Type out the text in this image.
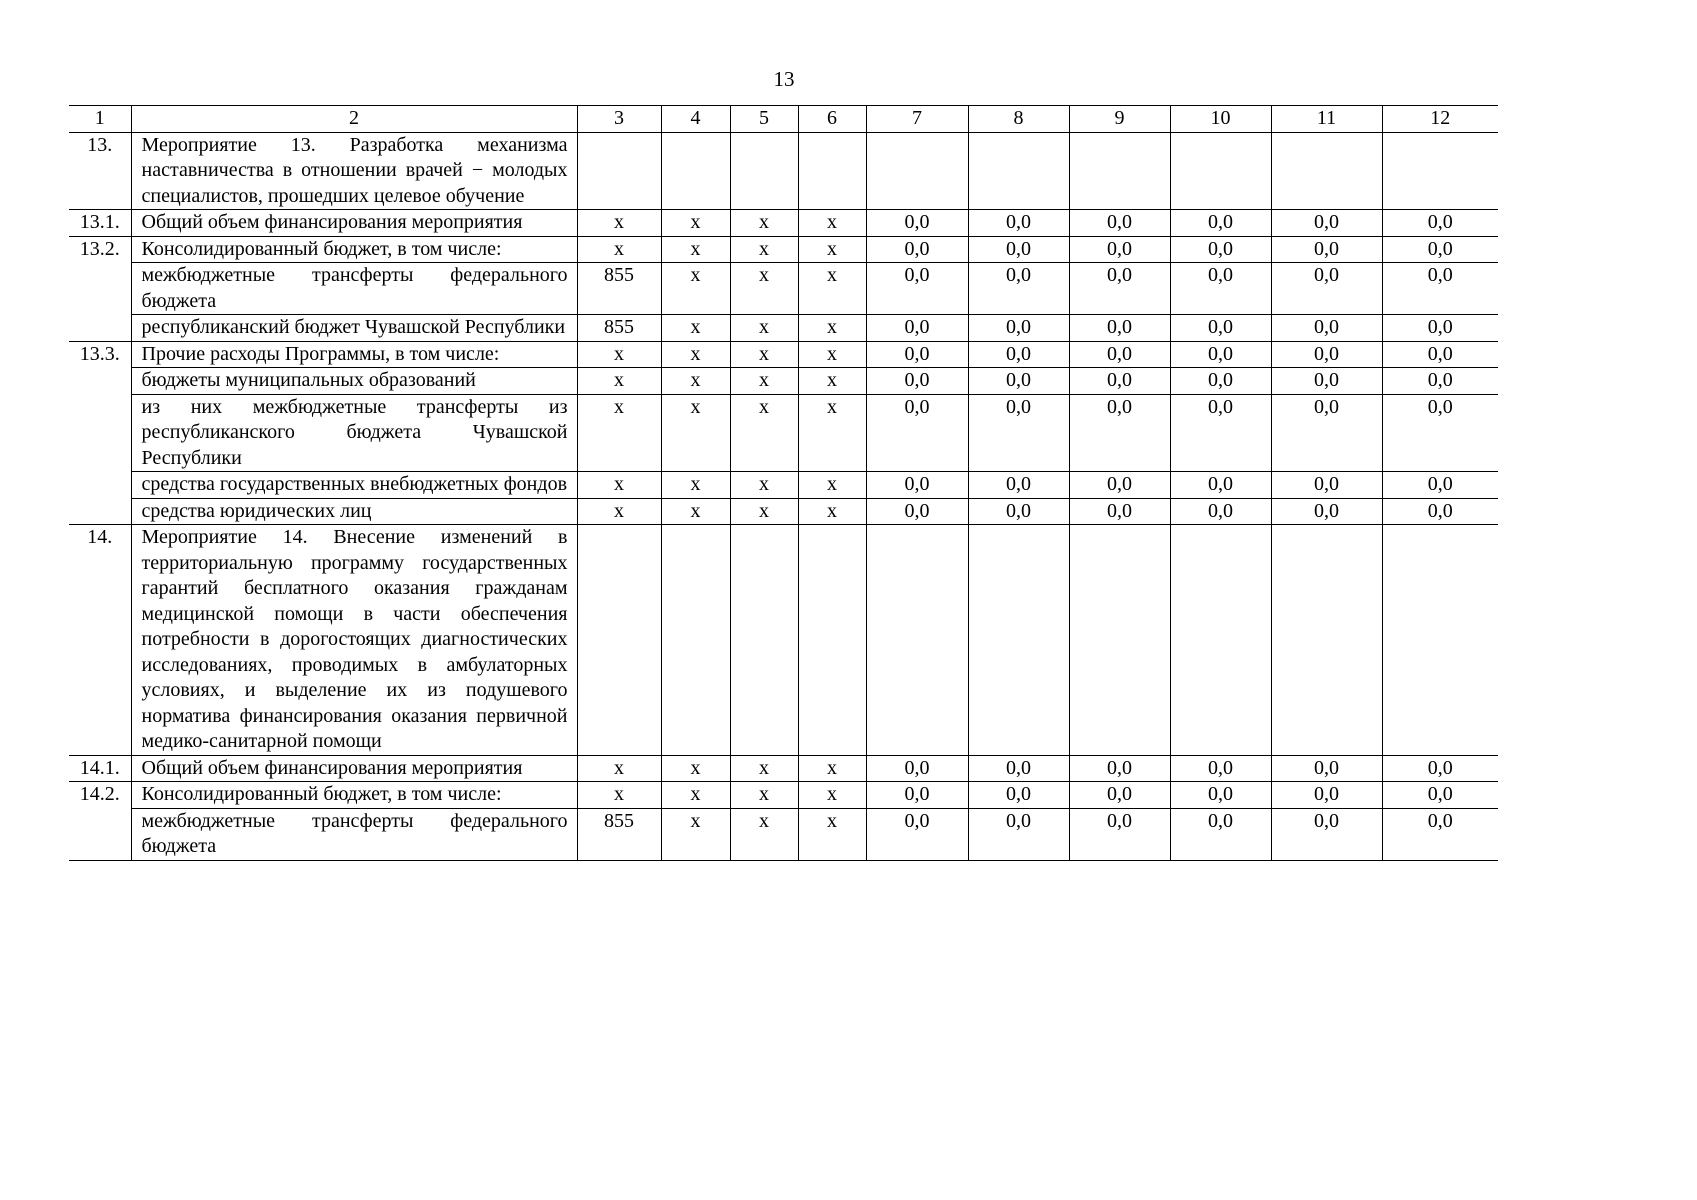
13
1	2	3	4	5	6	7	8	9	10	11	12
13.	Мероприятие 13. Разработка механизма наставничества в отношении врачей − молодых специалистов, прошедших целевое обучение										
13.1.	Общий объем финансирования мероприятия	х	х	х	х	0,0	0,0	0,0	0,0	0,0	0,0
13.2.	Консолидированный бюджет, в том числе:	х	х	х	х	0,0	0,0	0,0	0,0	0,0	0,0
	межбюджетные трансферты федерального бюджета	855	х	х	х	0,0	0,0	0,0	0,0	0,0	0,0
	республиканский бюджет Чувашской Республики	855	х	х	х	0,0	0,0	0,0	0,0	0,0	0,0
13.3.	Прочие расходы Программы, в том числе:	х	х	х	х	0,0	0,0	0,0	0,0	0,0	0,0
	бюджеты муниципальных образований	х	х	х	х	0,0	0,0	0,0	0,0	0,0	0,0
	из них межбюджетные трансферты из республиканского бюджета Чувашской Республики	х	х	х	х	0,0	0,0	0,0	0,0	0,0	0,0
	средства государственных внебюджетных фондов	х	х	х	х	0,0	0,0	0,0	0,0	0,0	0,0
	средства юридических лиц	х	х	х	х	0,0	0,0	0,0	0,0	0,0	0,0
14.	Мероприятие 14. Внесение изменений в территориальную программу государственных гарантий бесплатного оказания гражданам медицинской помощи в части обеспечения потребности в дорогостоящих диагностических исследованиях, проводимых в амбулаторных условиях, и выделение их из подушевого норматива финансирования оказания первичной медико-санитарной помощи										
14.1.	Общий объем финансирования мероприятия	х	х	х	х	0,0	0,0	0,0	0,0	0,0	0,0
14.2.	Консолидированный бюджет, в том числе:	х	х	х	х	0,0	0,0	0,0	0,0	0,0	0,0
	межбюджетные трансферты федерального бюджета	855	х	х	х	0,0	0,0	0,0	0,0	0,0	0,0
